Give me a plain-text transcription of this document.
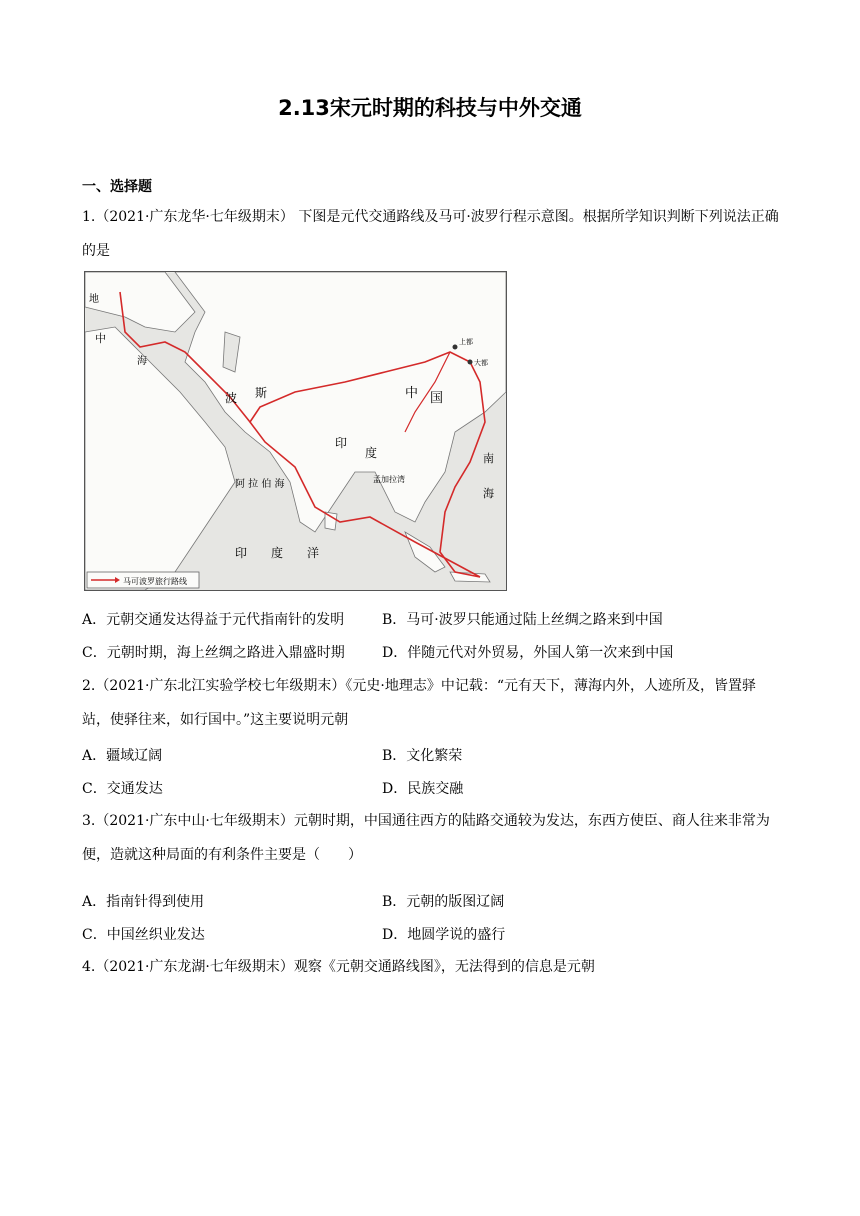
2.13宋元时期的科技与中外交通
一、选择题
1.（2021·广东龙华·七年级期末） 下图是元代交通路线及马可·波罗行程示意图。根据所学知识判断下列说法正确的是
地
中
海
波 斯	中 国
阿 拉 伯 海
印
度
印　　度　　洋
南
海
孟加拉湾
大都
上都
马可波罗旅行路线
A．元朝交通发达得益于元代指南针的发明	B．马可·波罗只能通过陆上丝绸之路来到中国
C．元朝时期，海上丝绸之路进入鼎盛时期	D．伴随元代对外贸易，外国人第一次来到中国
2.（2021·广东北江实验学校七年级期末）《元史·地理志》中记载：“元有天下，薄海内外，人迹所及，皆置驿站，使驿往来，如行国中。”这主要说明元朝
A．疆域辽阔	B．文化繁荣
C．交通发达	D．民族交融
3.（2021·广东中山·七年级期末）元朝时期，中国通往西方的陆路交通较为发达，东西方使臣、商人往来非常为便，造就这种局面的有利条件主要是（　　）
A．指南针得到使用	B．元朝的版图辽阔
C．中国丝织业发达	D．地圆学说的盛行
4.（2021·广东龙湖·七年级期末）观察《元朝交通路线图》，无法得到的信息是元朝
